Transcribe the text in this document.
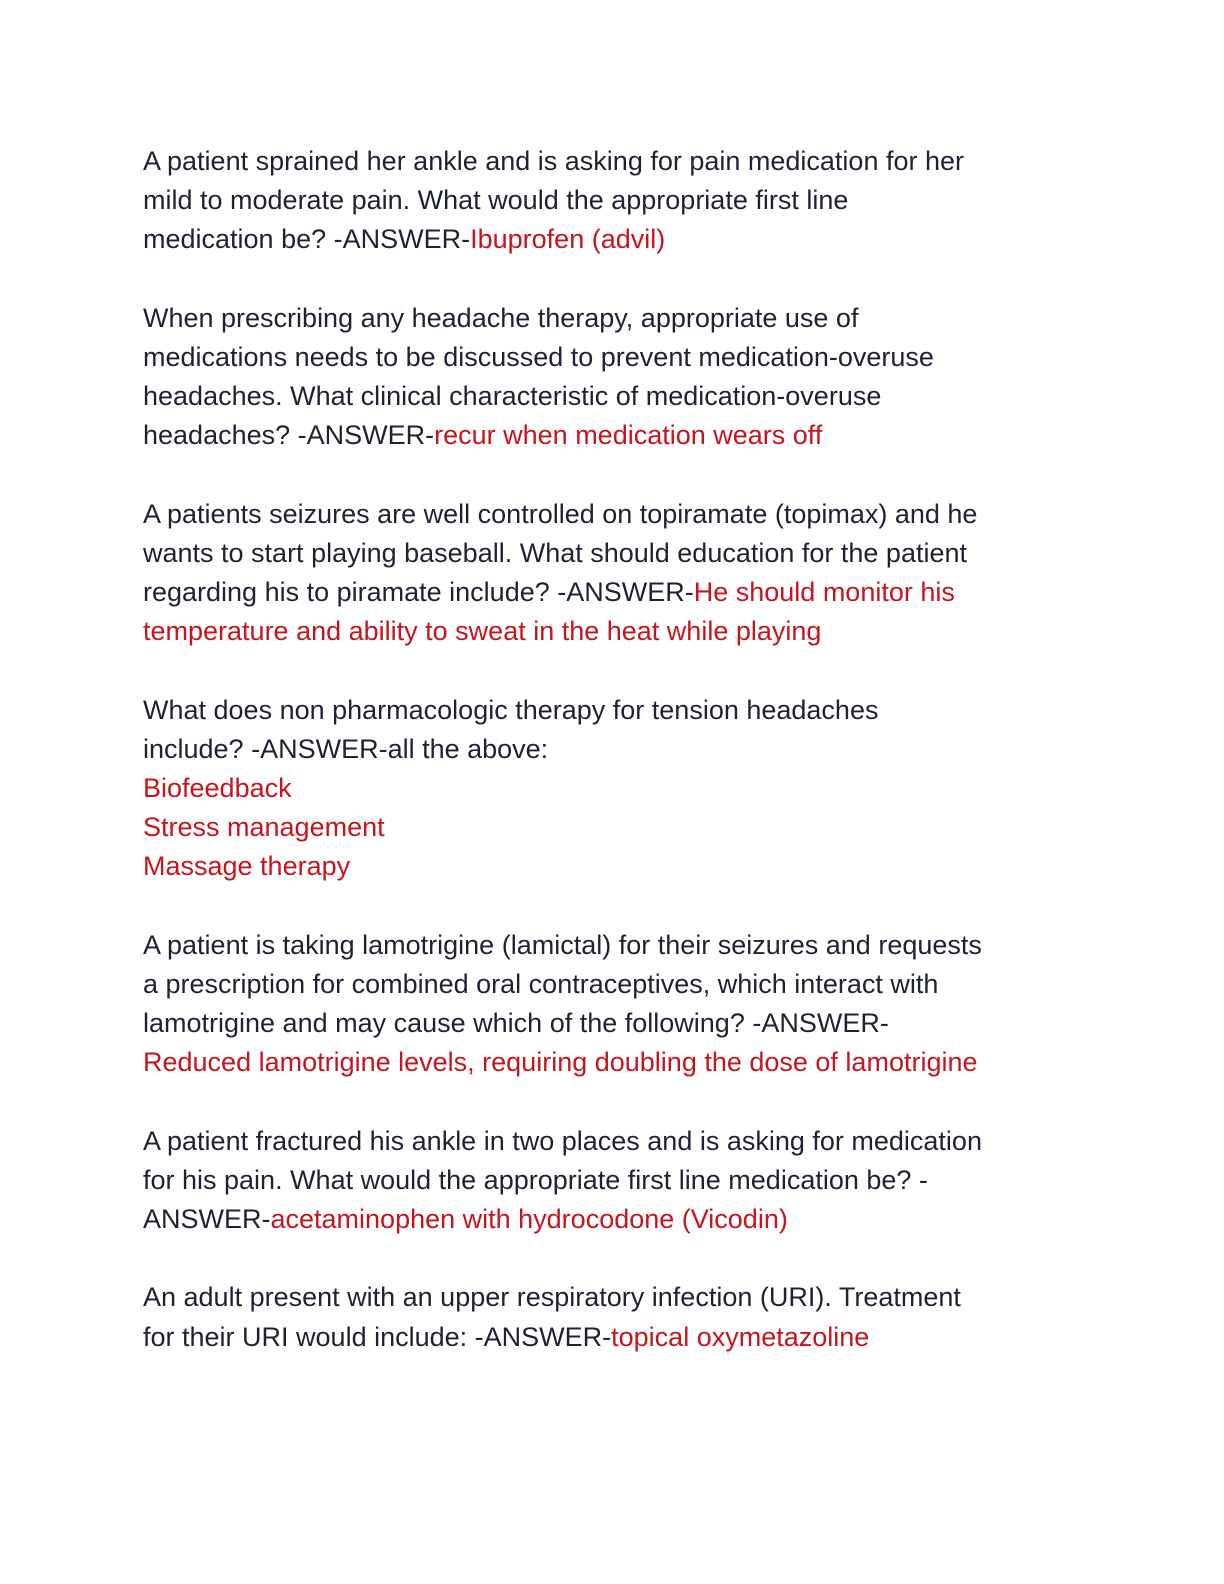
A patient sprained her ankle and is asking for pain medication for her
mild to moderate pain. What would the appropriate first line
medication be? -ANSWER-Ibuprofen (advil)
When prescribing any headache therapy, appropriate use of
medications needs to be discussed to prevent medication-overuse
headaches. What clinical characteristic of medication-overuse
headaches? -ANSWER-recur when medication wears off
A patients seizures are well controlled on topiramate (topimax) and he
wants to start playing baseball. What should education for the patient
regarding his to piramate include? -ANSWER-He should monitor his
temperature and ability to sweat in the heat while playing
What does non pharmacologic therapy for tension headaches
include? -ANSWER-all the above:
Biofeedback
Stress management
Massage therapy
A patient is taking lamotrigine (lamictal) for their seizures and requests
a prescription for combined oral contraceptives, which interact with
lamotrigine and may cause which of the following? -ANSWER-
Reduced lamotrigine levels, requiring doubling the dose of lamotrigine
A patient fractured his ankle in two places and is asking for medication
for his pain. What would the appropriate first line medication be? -
ANSWER-acetaminophen with hydrocodone (Vicodin)
An adult present with an upper respiratory infection (URI). Treatment
for their URI would include: -ANSWER-topical oxymetazoline
